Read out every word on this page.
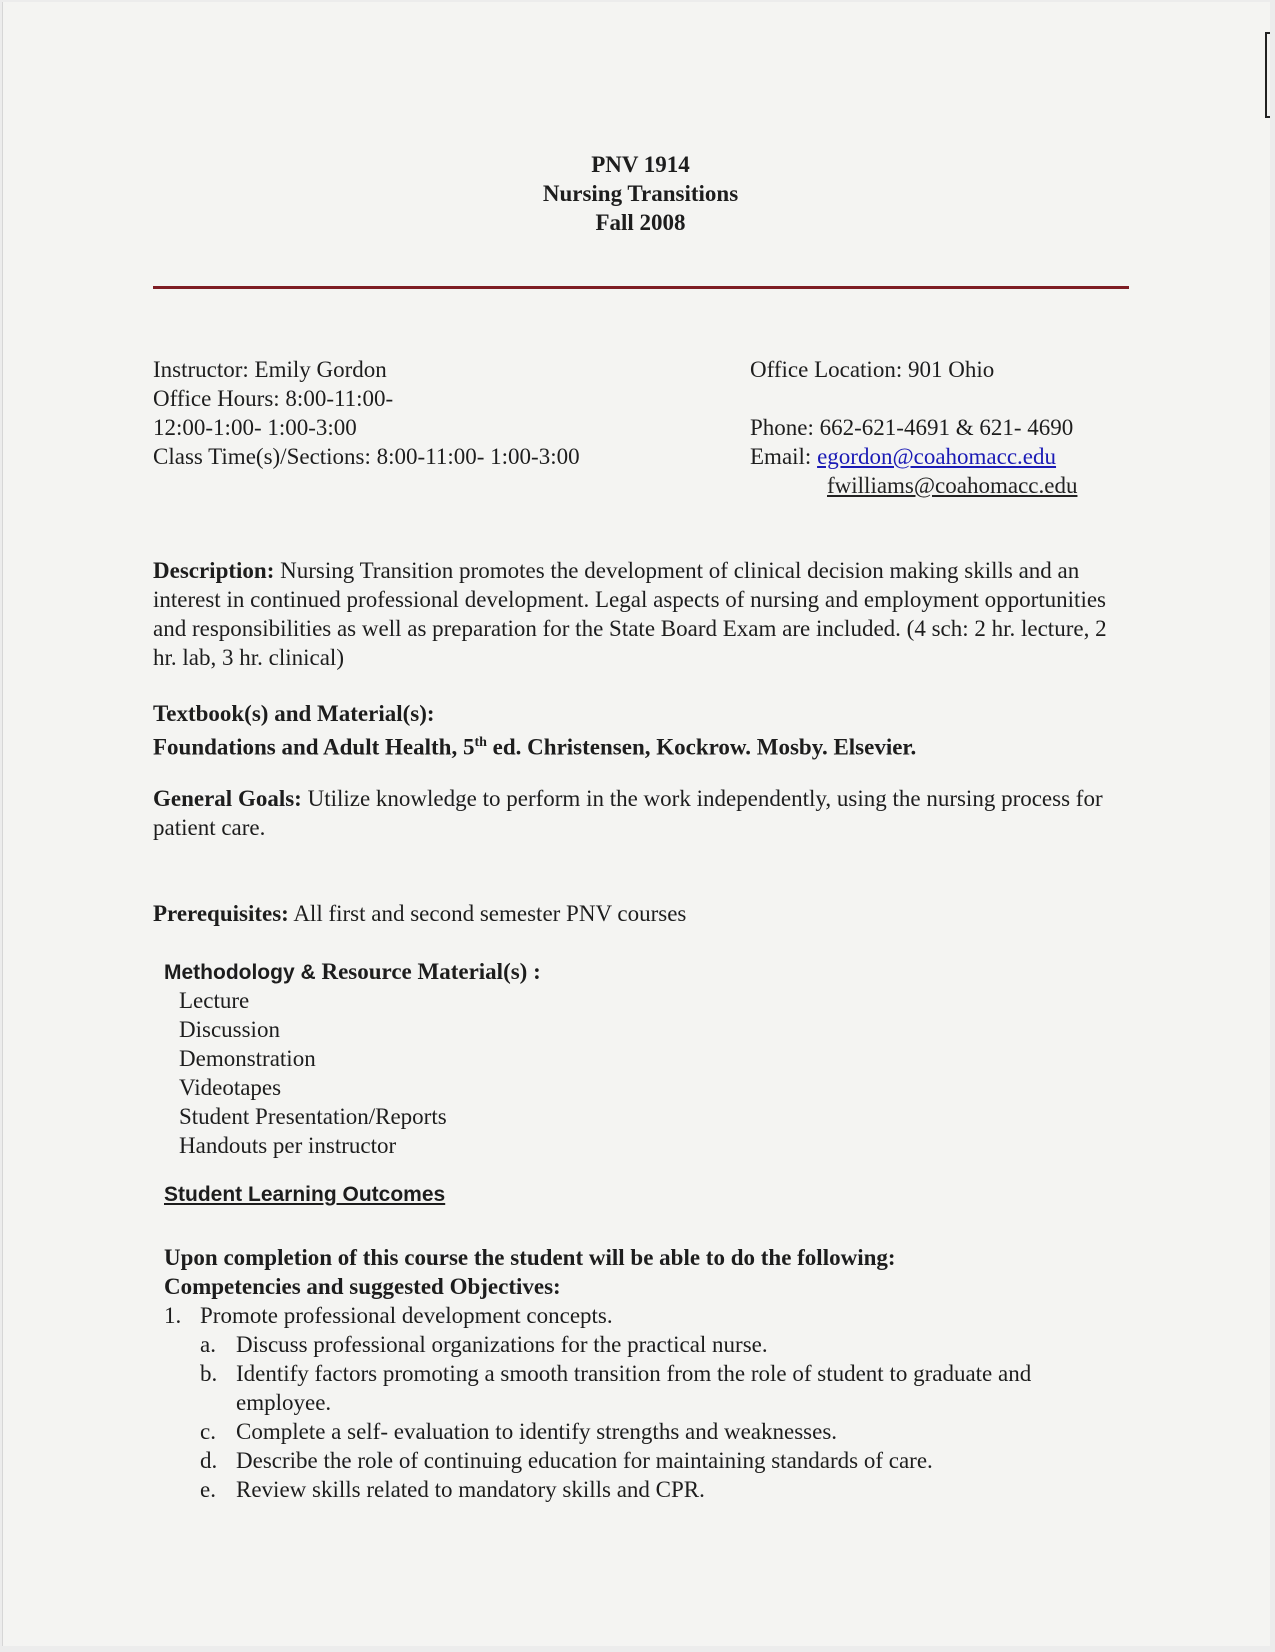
PNV 1914
Nursing Transitions
Fall 2008
Instructor: Emily Gordon
Office Hours: 8:00-11:00-
12:00-1:00- 1:00-3:00
Class Time(s)/Sections: 8:00-11:00- 1:00-3:00
Office Location: 901 Ohio
Phone: 662-621-4691 & 621- 4690
Email: egordon@coahomacc.edu
fwilliams@coahomacc.edu
Description: Nursing Transition promotes the development of clinical decision making skills and an interest in continued professional development. Legal aspects of nursing and employment opportunities and responsibilities as well as preparation for the State Board Exam are included. (4 sch: 2 hr. lecture, 2 hr. lab, 3 hr. clinical)
Textbook(s) and Material(s):
Foundations and Adult Health, 5th ed. Christensen, Kockrow. Mosby. Elsevier.
General Goals: Utilize knowledge to perform in the work independently, using the nursing process for patient care.
Prerequisites: All first and second semester PNV courses
Methodology & Resource Material(s) :
Lecture
Discussion
Demonstration
Videotapes
Student Presentation/Reports
Handouts per instructor
Student Learning Outcomes
Upon completion of this course the student will be able to do the following:
Competencies and suggested Objectives:
1. Promote professional development concepts.
a. Discuss professional organizations for the practical nurse.
b. Identify factors promoting a smooth transition from the role of student to graduate and employee.
c. Complete a self- evaluation to identify strengths and weaknesses.
d. Describe the role of continuing education for maintaining standards of care.
e. Review skills related to mandatory skills and CPR.
